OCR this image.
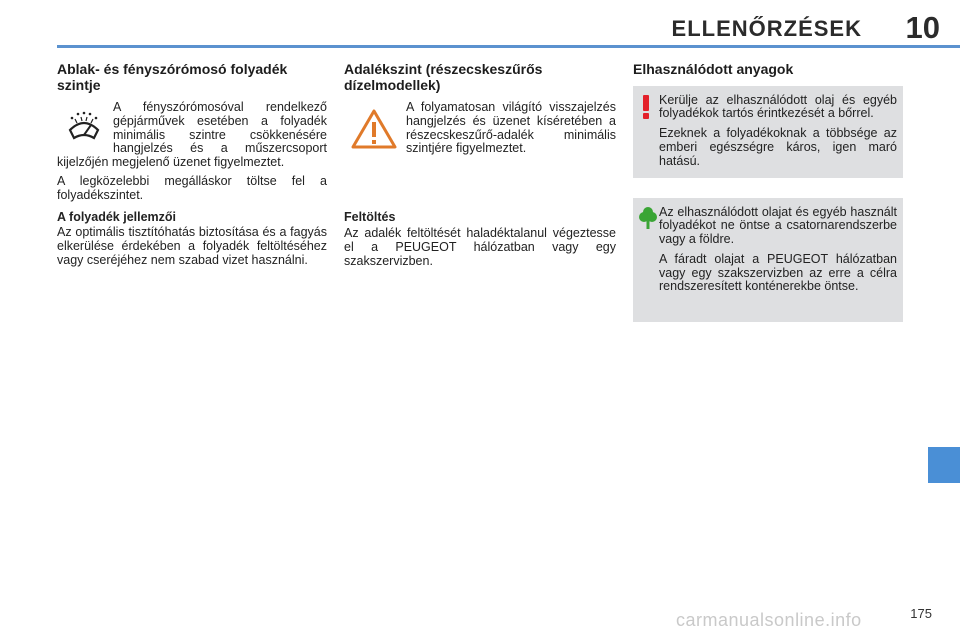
ELLENŐRZÉSEK 10
Ablak- és fényszórómosó folyadék szintje

A fényszórómosóval rendelkező gépjárművek esetében a folyadék minimális szintre csökkenésére hangjelzés és a műszercsoport kijelzőjén megjelenő üzenet figyelmeztet.

A legközelebbi megálláskor töltse fel a folyadékszintet.

A folyadék jellemzői

Az optimális tisztítóhatás biztosítása és a fagyás elkerülése érdekében a folyadék feltöltéséhez vagy cseréjéhez nem szabad vizet használni.

Adalékszint (részecskeszűrős dízelmodellek)

A folyamatosan világító visszajelzés hangjelzés és üzenet kíséretében a részecskeszűrő-adalék minimális szintjére figyelmeztet.

Feltöltés

Az adalék feltöltését haladéktalanul végeztesse el a PEUGEOT hálózatban vagy egy szakszervizben.

Elhasználódott anyagok

Kerülje az elhasználódott olaj és egyéb folyadékok tartós érintkezését a bőrrel.

Ezeknek a folyadékoknak a többsége az emberi egészségre káros, igen maró hatású.

Az elhasználódott olajat és egyéb használt folyadékot ne öntse a csatornarendszerbe vagy a földre.

A fáradt olajat a PEUGEOT hálózatban vagy egy szakszervizben az erre a célra rendszeresített konténerekbe öntse.

175
carmanualsonline.info
